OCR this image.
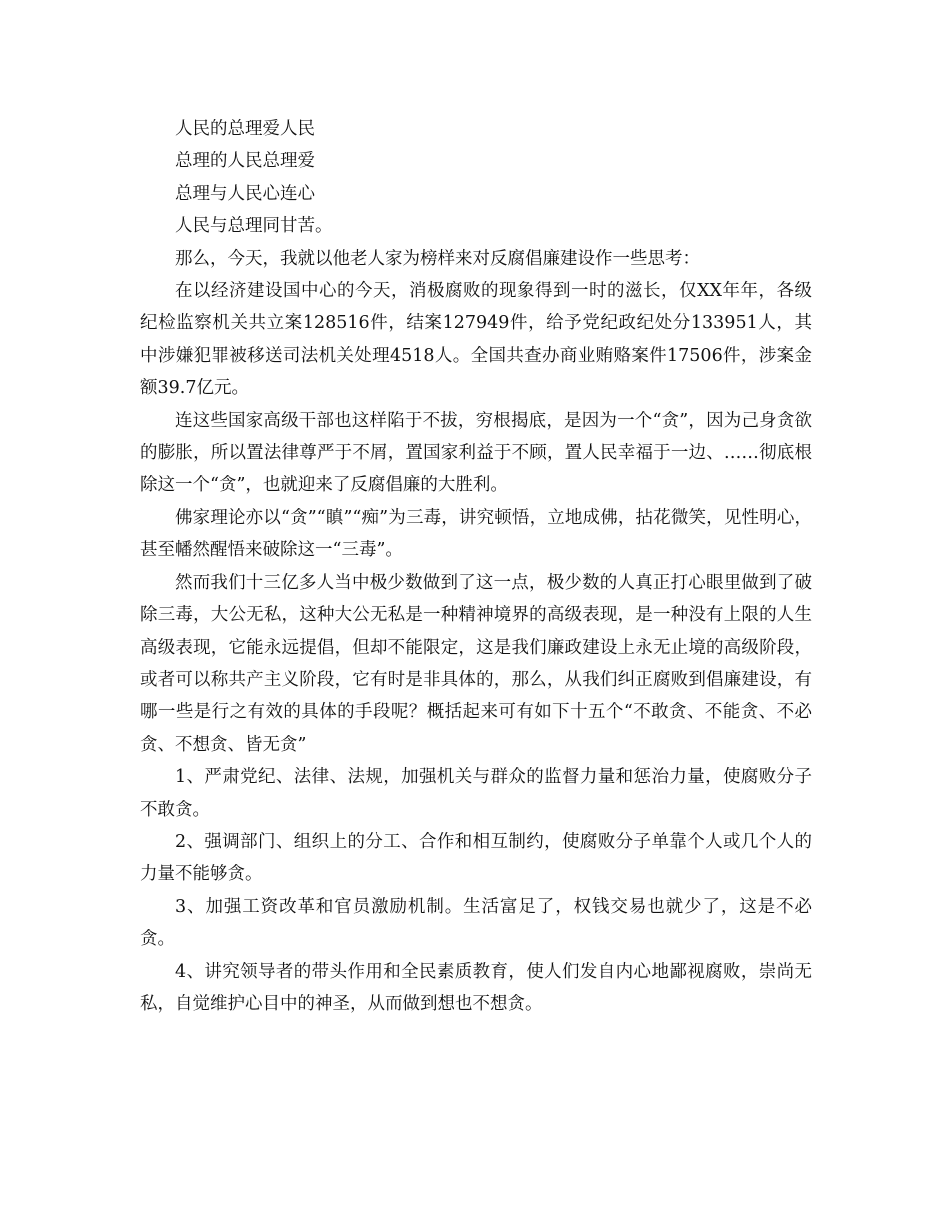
人民的总理爱人民

总理的人民总理爱

总理与人民心连心

人民与总理同甘苦。

那么，今天，我就以他老人家为榜样来对反腐倡廉建设作一些思考：

在以经济建设国中心的今天，消极腐败的现象得到一时的滋长，仅XX年年，各级纪检监察机关共立案128516件，结案127949件，给予党纪政纪处分133951人，其中涉嫌犯罪被移送司法机关处理4518人。全国共查办商业贿赂案件17506件，涉案金额39.7亿元。

连这些国家高级干部也这样陷于不拔，穷根揭底，是因为一个“贪”，因为己身贪欲的膨胀，所以置法律尊严于不屑，置国家利益于不顾，置人民幸福于一边、……彻底根除这一个“贪”，也就迎来了反腐倡廉的大胜利。

佛家理论亦以“贪”“瞋”“痴”为三毒，讲究顿悟，立地成佛，拈花微笑，见性明心，甚至幡然醒悟来破除这一“三毒”。

然而我们十三亿多人当中极少数做到了这一点，极少数的人真正打心眼里做到了破除三毒，大公无私，这种大公无私是一种精神境界的高级表现，是一种没有上限的人生高级表现，它能永远提倡，但却不能限定，这是我们廉政建设上永无止境的高级阶段，或者可以称共产主义阶段，它有时是非具体的，那么，从我们纠正腐败到倡廉建设，有哪一些是行之有效的具体的手段呢？概括起来可有如下十五个“不敢贪、不能贪、不必贪、不想贪、皆无贪”

1、严肃党纪、法律、法规，加强机关与群众的监督力量和惩治力量，使腐败分子不敢贪。

2、强调部门、组织上的分工、合作和相互制约，使腐败分子单靠个人或几个人的力量不能够贪。

3、加强工资改革和官员激励机制。生活富足了，权钱交易也就少了，这是不必贪。

4、讲究领导者的带头作用和全民素质教育，使人们发自内心地鄙视腐败，崇尚无私，自觉维护心目中的神圣，从而做到想也不想贪。
